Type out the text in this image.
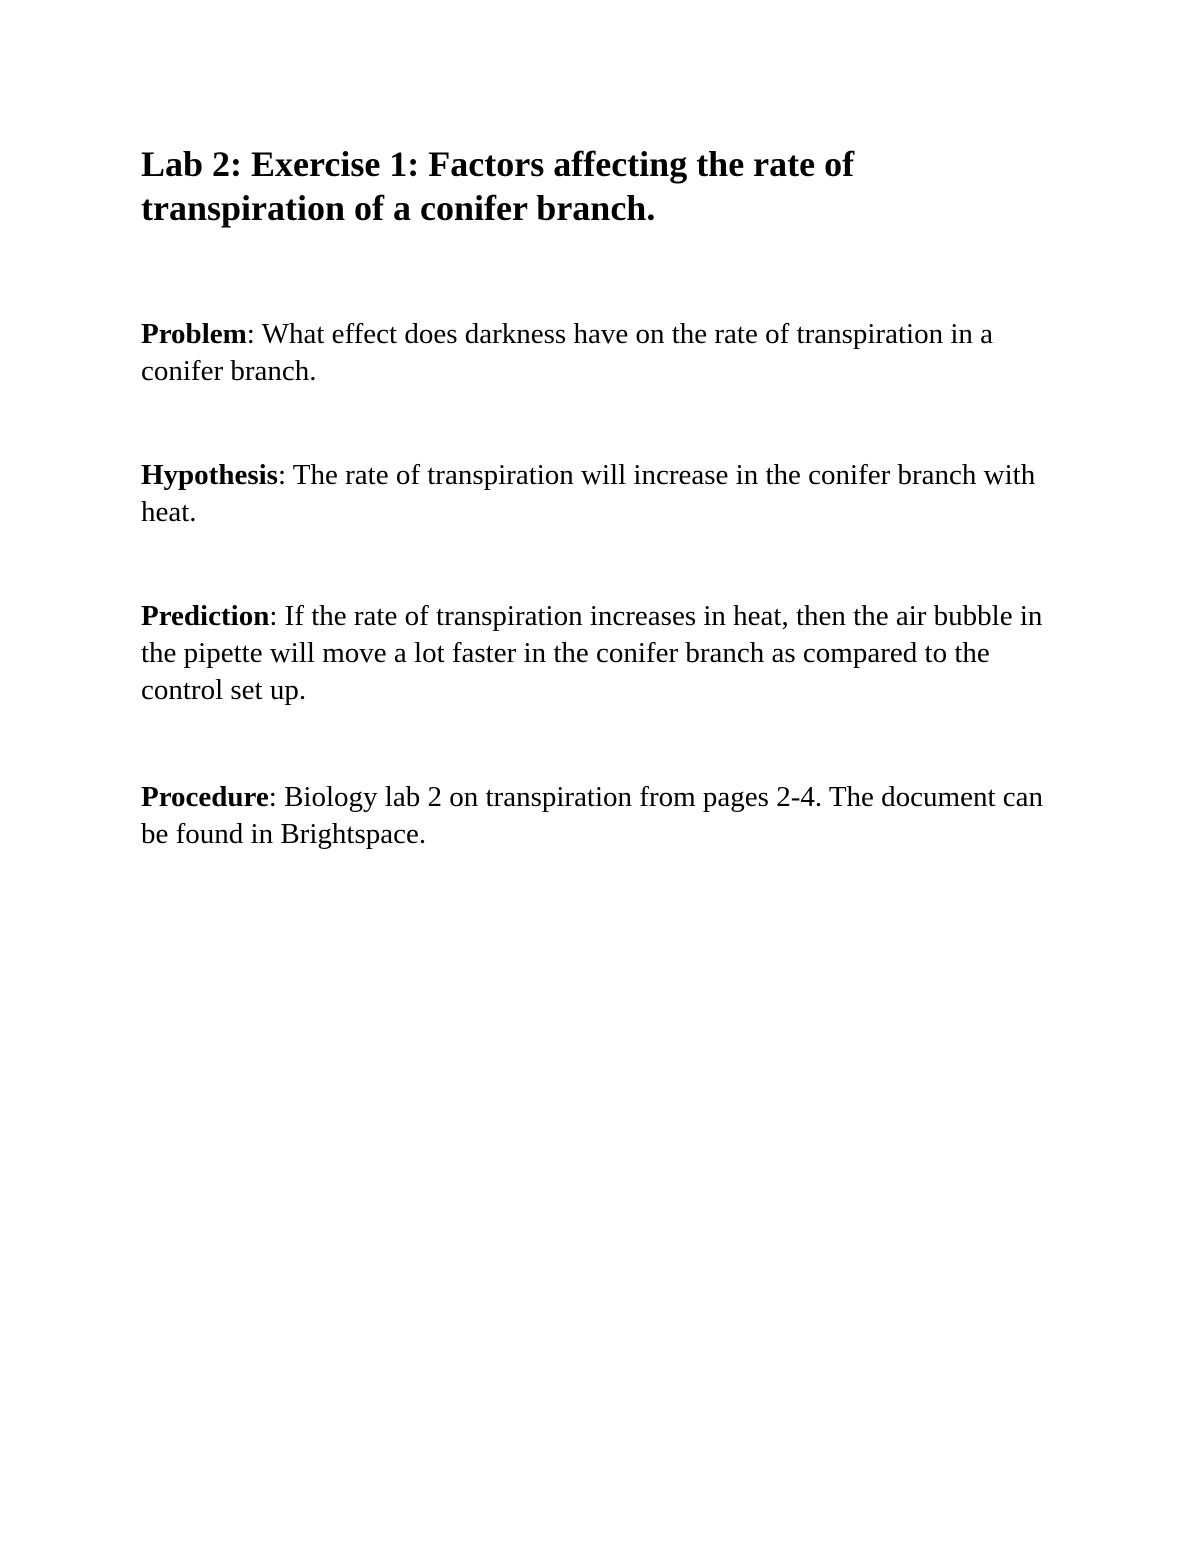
Lab 2: Exercise 1: Factors affecting the rate of transpiration of a conifer branch.

Problem: What effect does darkness have on the rate of transpiration in a conifer branch.

Hypothesis: The rate of transpiration will increase in the conifer branch with heat.

Prediction: If the rate of transpiration increases in heat, then the air bubble in the pipette will move a lot faster in the conifer branch as compared to the control set up.

Procedure: Biology lab 2 on transpiration from pages 2-4. The document can be found in Brightspace.
